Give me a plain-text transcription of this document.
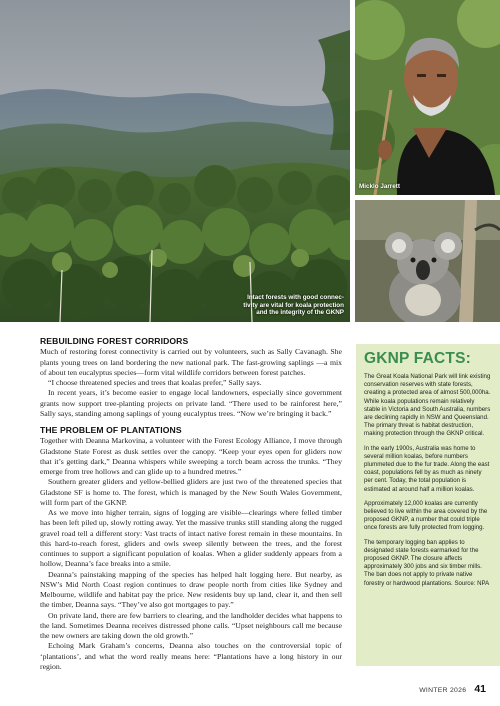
Intact forests with good connec-
tivity are vital for koala protection
and the integrity of the GKNP
Micklo Jarrett
REBUILDING FOREST CORRIDORS

Much of restoring forest connectivity is carried out by volunteers, such as Sally Cavanagh. She plants young trees on land bordering the new national park. The fast-growing saplings —a mix of about ten eucalyptus species—form vital wildlife corridors between forest patches.

“I choose threatened species and trees that koalas prefer,” Sally says.

In recent years, it’s become easier to engage local landowners, especially since government grants now support tree-planting projects on private land. “There used to be rainforest here,” Sally says, standing among saplings of young eucalyptus trees. “Now we’re bringing it back.”

THE PROBLEM OF PLANTATIONS

Together with Deanna Markovina, a volunteer with the Forest Ecology Alliance, I move through Gladstone State Forest as dusk settles over the canopy. “Keep your eyes open for gliders now that it’s getting dark,” Deanna whispers while sweeping a torch beam across the trunks. “They emerge from tree hollows and can glide up to a hundred metres.”

Southern greater gliders and yellow-bellied gliders are just two of the threatened species that Gladstone SF is home to. The forest, which is managed by the New South Wales Government, will form part of the GKNP.

As we move into higher terrain, signs of logging are visible—clearings where felled timber has been left piled up, slowly rotting away. Yet the massive trunks still standing along the rugged gravel road tell a different story: Vast tracts of intact native forest remain in these mountains. In this hard-to-reach forest, gliders and owls sweep silently between the trees, and the forest continues to support a significant population of koalas. When a glider suddenly appears from a hollow, Deanna’s face breaks into a smile.

Deanna’s painstaking mapping of the species has helped halt logging here. But nearby, as NSW’s Mid North Coast region continues to draw people north from cities like Sydney and Melbourne, wildlife and habitat pay the price. New residents buy up land, clear it, and then sell the timber, Deanna says. “They’ve also got mortgages to pay.”

On private land, there are few barriers to clearing, and the landholder decides what happens to the land. Sometimes Deanna receives distressed phone calls. “Upset neighbours call me because the new owners are taking down the old growth.”

Echoing Mark Graham’s concerns, Deanna also touches on the controversial topic of ‘plantations’, and what the word really means here: “Plantations have a long history in our region.

GKNP FACTS:

The Great Koala National Park will link existing conservation reserves with state forests, creating a protected area of almost 500,000ha. While koala populations remain relatively stable in Victoria and South Australia, numbers are declining rapidly in NSW and Queensland. The primary threat is habitat destruction, making protection through the GKNP critical.

In the early 1900s, Australia was home to several million koalas, before numbers plummeted due to the fur trade. Along the east coast, populations fell by as much as ninety per cent. Today, the total population is estimated at around half a million koalas.

Approximately 12,000 koalas are currently believed to live within the area covered by the proposed GKNP, a number that could triple once forests are fully protected from logging.

The temporary logging ban applies to designated state forests earmarked for the proposed GKNP. The closure affects approximately 300 jobs and six timber mills. The ban does not apply to private native forestry or hardwood plantations. Source: NPA

WINTER 2026 41
